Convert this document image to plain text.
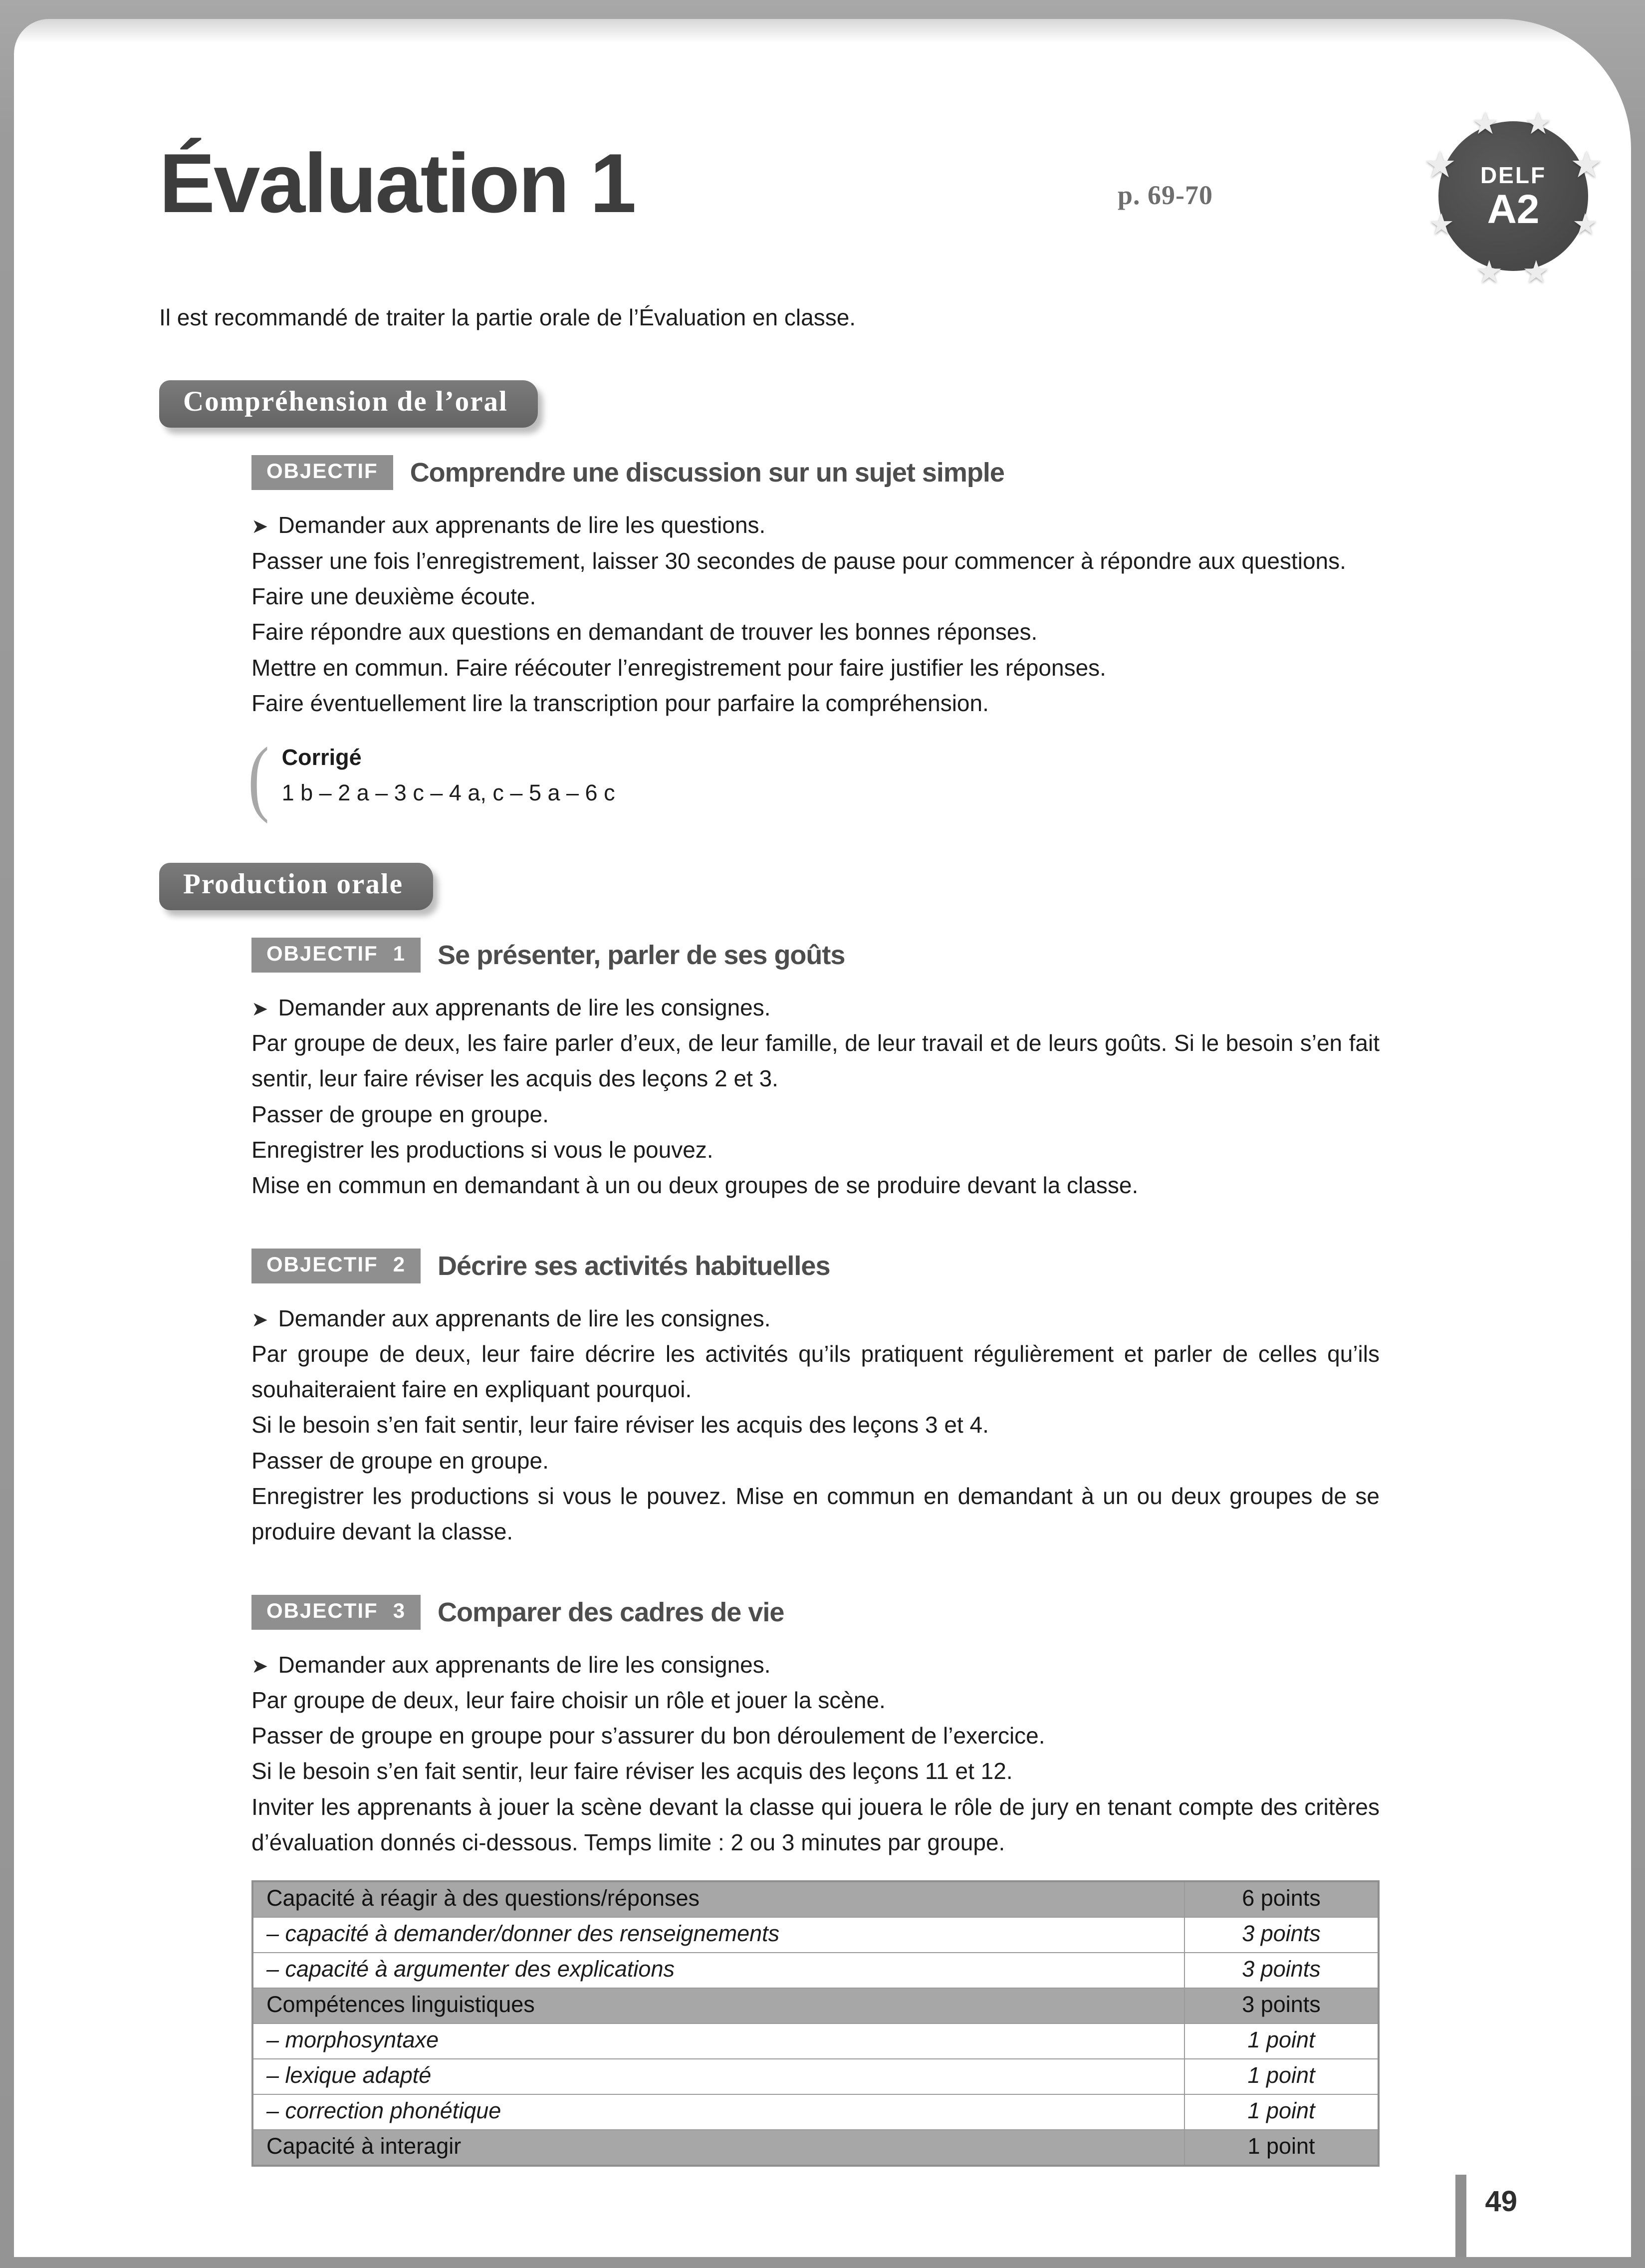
Évaluation 1	p. 69-70
★ ★
★	★
★	★
★ ★
DELF
A2

Il est recommandé de traiter la partie orale de l’Évaluation en classe.

Compréhension de l’oral
OBJECTIF Comprendre une discussion sur un sujet simple

➤ Demander aux apprenants de lire les questions.

Passer une fois l’enregistrement, laisser 30 secondes de pause pour commencer à répondre aux questions.

Faire une deuxième écoute.

Faire répondre aux questions en demandant de trouver les bonnes réponses.

Mettre en commun. Faire réécouter l’enregistrement pour faire justifier les réponses.

Faire éventuellement lire la transcription pour parfaire la compréhension.

( Corrigé
1 b – 2 a – 3 c – 4 a, c – 5 a – 6 c
Production orale
OBJECTIF 1 Se présenter, parler de ses goûts

➤ Demander aux apprenants de lire les consignes.

Par groupe de deux, les faire parler d’eux, de leur famille, de leur travail et de leurs goûts. Si le besoin s’en fait sentir, leur faire réviser les acquis des leçons 2 et 3.

Passer de groupe en groupe.

Enregistrer les productions si vous le pouvez.

Mise en commun en demandant à un ou deux groupes de se produire devant la classe.

OBJECTIF 2 Décrire ses activités habituelles

➤ Demander aux apprenants de lire les consignes.

Par groupe de deux, leur faire décrire les activités qu’ils pratiquent régulièrement et parler de celles qu’ils souhaiteraient faire en expliquant pourquoi.

Si le besoin s’en fait sentir, leur faire réviser les acquis des leçons 3 et 4.

Passer de groupe en groupe.

Enregistrer les productions si vous le pouvez. Mise en commun en demandant à un ou deux groupes de se produire devant la classe.

OBJECTIF 3 Comparer des cadres de vie

➤ Demander aux apprenants de lire les consignes.

Par groupe de deux, leur faire choisir un rôle et jouer la scène.

Passer de groupe en groupe pour s’assurer du bon déroulement de l’exercice.

Si le besoin s’en fait sentir, leur faire réviser les acquis des leçons 11 et 12.

Inviter les apprenants à jouer la scène devant la classe qui jouera le rôle de jury en tenant compte des critères d’évaluation donnés ci-dessous. Temps limite : 2 ou 3 minutes par groupe.

Capacité à réagir à des questions/réponses	6 points
– capacité à demander/donner des renseignements	3 points
– capacité à argumenter des explications	3 points
Compétences linguistiques	3 points
– morphosyntaxe	1 point
– lexique adapté	1 point
– correction phonétique	1 point
Capacité à interagir	1 point
49
